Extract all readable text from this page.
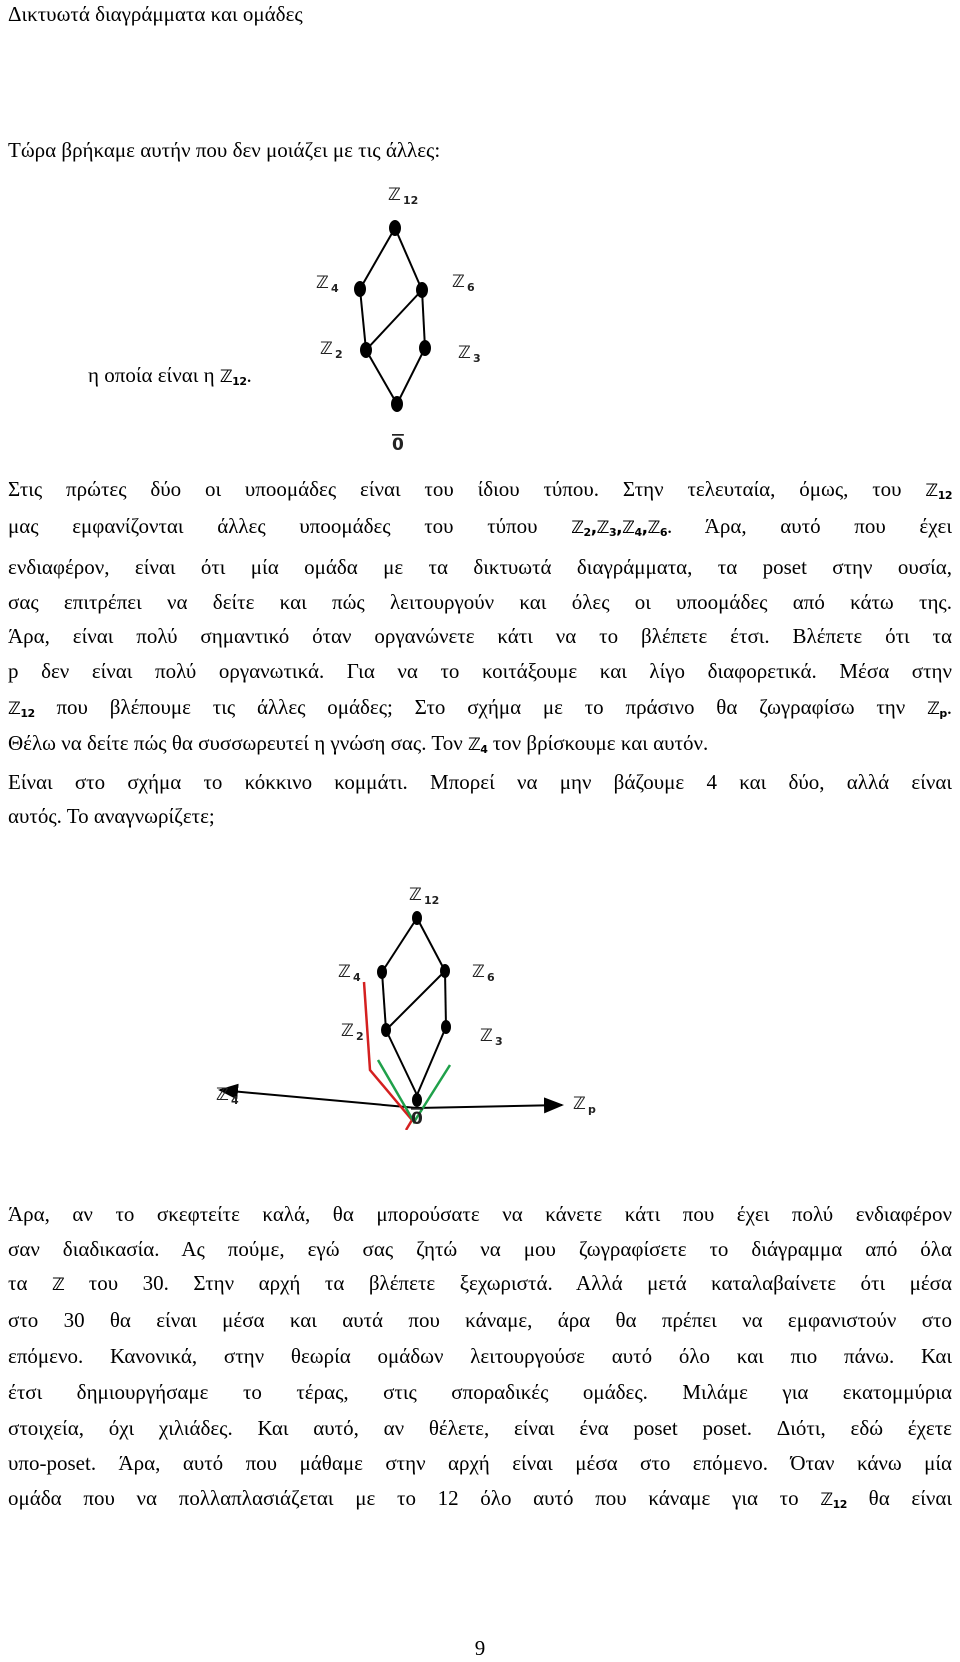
Δικτυωτά διαγράμματα και ομάδες
Τώρα βρήκαμε αυτήν που δεν μοιάζει με τις άλλες:
ℤ 12
ℤ 4	ℤ 6
ℤ 2	ℤ 3
0
η οποία είναι η ℤ$_{12}$.
Στις πρώτες δύο οι υποομάδες είναι του ίδιου τύπου. Στην τελευταία, όμως, του ℤ$_{12}$
μας εμφανίζονται άλλες υποομάδες του τύπου ℤ$_2$,ℤ$_3$,ℤ$_4$,ℤ$_6$. Άρα, αυτό που έχει
ενδιαφέρον, είναι ότι μία ομάδα με τα δικτυωτά διαγράμματα, τα poset στην ουσία,
σας επιτρέπει να δείτε και πώς λειτουργούν και όλες οι υποομάδες από κάτω της.
Άρα, είναι πολύ σημαντικό όταν οργανώνετε κάτι να το βλέπετε έτσι. Βλέπετε ότι τα
p δεν είναι πολύ οργανωτικά. Για να το κοιτάξουμε και λίγο διαφορετικά. Μέσα στην
ℤ$_{12}$ που βλέπουμε τις άλλες ομάδες; Στο σχήμα με το πράσινο θα ζωγραφίσω την ℤ$_p$.
Θέλω να δείτε πώς θα συσσωρευτεί η γνώση σας. Τον ℤ$_4$ τον βρίσκουμε και αυτόν.
Είναι στο σχήμα το κόκκινο κομμάτι. Μπορεί να μην βάζουμε 4 και δύο, αλλά είναι
αυτός. Το αναγνωρίζετε;
ℤ 12
ℤ 4	ℤ 6
ℤ 2	ℤ 3
ℤ 4	ℤ p
0
Άρα, αν το σκεφτείτε καλά, θα μπορούσατε να κάνετε κάτι που έχει πολύ ενδιαφέρον
σαν διαδικασία. Ας πούμε, εγώ σας ζητώ να μου ζωγραφίσετε το διάγραμμα από όλα
τα ℤ του 30. Στην αρχή τα βλέπετε ξεχωριστά. Αλλά μετά καταλαβαίνετε ότι μέσα
στο 30 θα είναι μέσα και αυτά που κάναμε, άρα θα πρέπει να εμφανιστούν στο
επόμενο. Κανονικά, στην θεωρία ομάδων λειτουργούσε αυτό όλο και πιο πάνω. Και
έτσι δημιουργήσαμε το τέρας, στις σποραδικές ομάδες. Μιλάμε για εκατομμύρια
στοιχεία, όχι χιλιάδες. Και αυτό, αν θέλετε, είναι ένα poset poset. Διότι, εδώ έχετε
υπο-poset. Άρα, αυτό που μάθαμε στην αρχή είναι μέσα στο επόμενο. Όταν κάνω μία
ομάδα που να πολλαπλασιάζεται με το 12 όλο αυτό που κάναμε για το ℤ$_{12}$ θα είναι
9
